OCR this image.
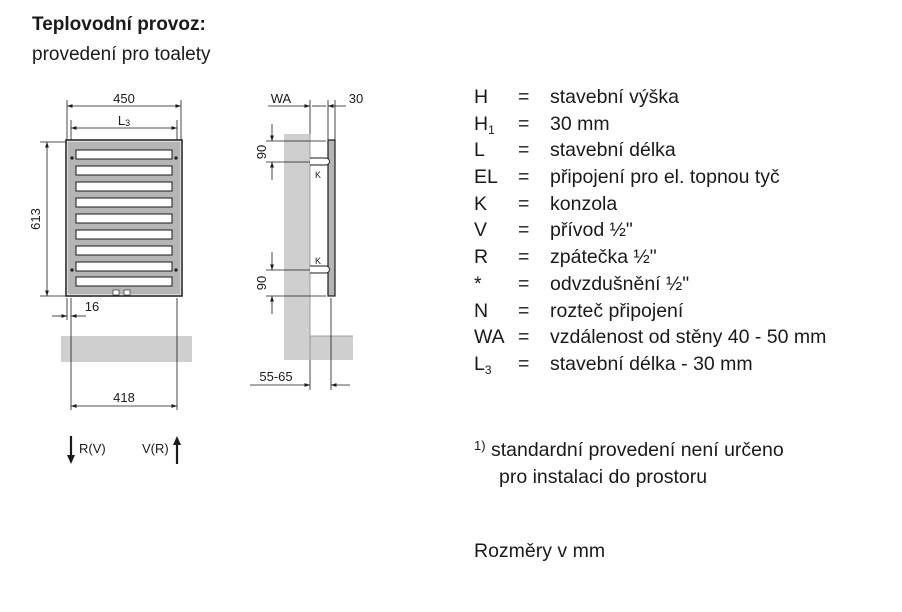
Teplovodní provoz:
provedení pro toalety
450
L3
613
16
418
R(V)	V(R)
K
K
WA	30
90
90
55-65
H = stavební výška
$H_1 = 30$ mm
L = stavební délka
EL = připojení pro el. topnou tyč
K = konzola
V = přívod ½"
R = zpátečka ½"
* = odvzdušnění ½"
N = rozteč připojení
WA = vzdálenost od stěny 40 - 50 mm
$L_3$ = stavební délka - 30 mm
$^{1)}$ standardní provedení není určeno
pro instalaci do prostoru
Rozměry v mm
